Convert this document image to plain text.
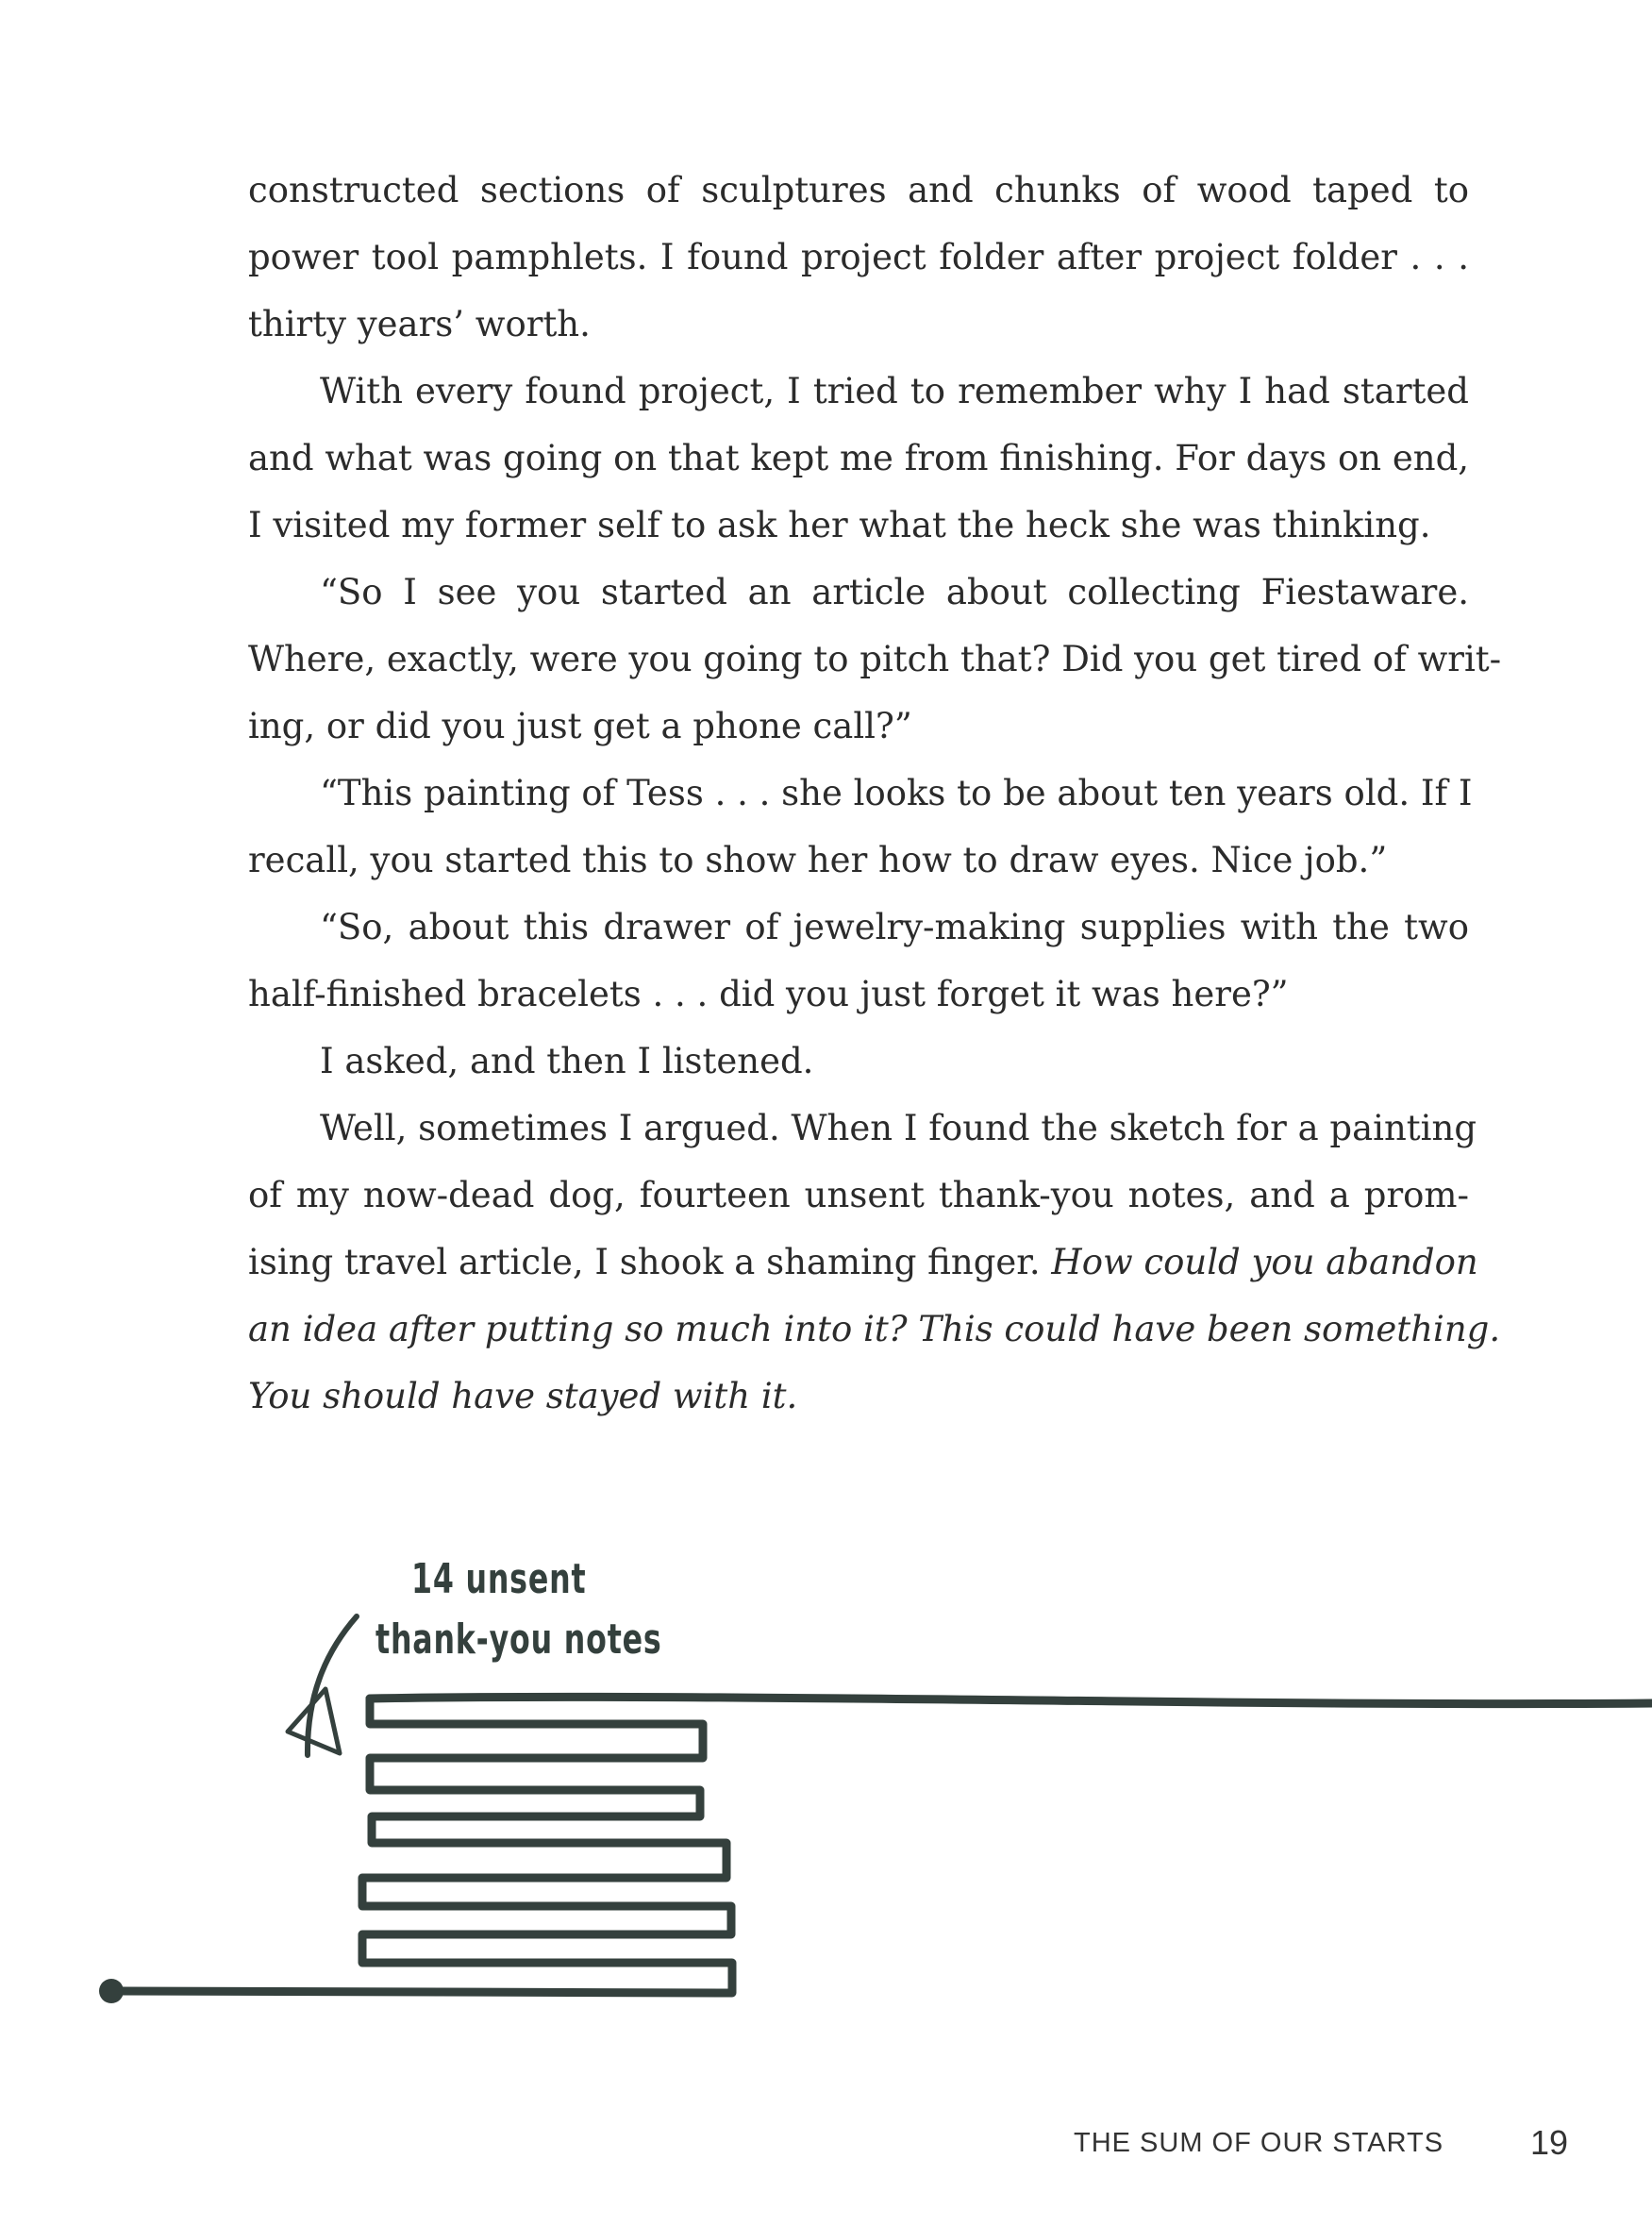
constructed sections of sculptures and chunks of wood taped to
power tool pamphlets. I found project folder after project folder . . .
thirty years’ worth.
With every found project, I tried to remember why I had started
and what was going on that kept me from finishing. For days on end,
I visited my former self to ask her what the heck she was thinking.
“So I see you started an article about collecting Fiestaware.
Where, exactly, were you going to pitch that? Did you get tired of writ-
ing, or did you just get a phone call?”
“This painting of Tess . . . she looks to be about ten years old. If I
recall, you started this to show her how to draw eyes. Nice job.”
“So, about this drawer of jewelry-making supplies with the two
half-finished bracelets . . . did you just forget it was here?”
I asked, and then I listened.
Well, sometimes I argued. When I found the sketch for a painting
of my now-dead dog, fourteen unsent thank-you notes, and a prom-
ising travel article, I shook a shaming finger. How could you abandon
an idea after putting so much into it? This could have been something.
You should have stayed with it.
14 unsent
thank-you notes
THE SUM OF OUR STARTS	19
